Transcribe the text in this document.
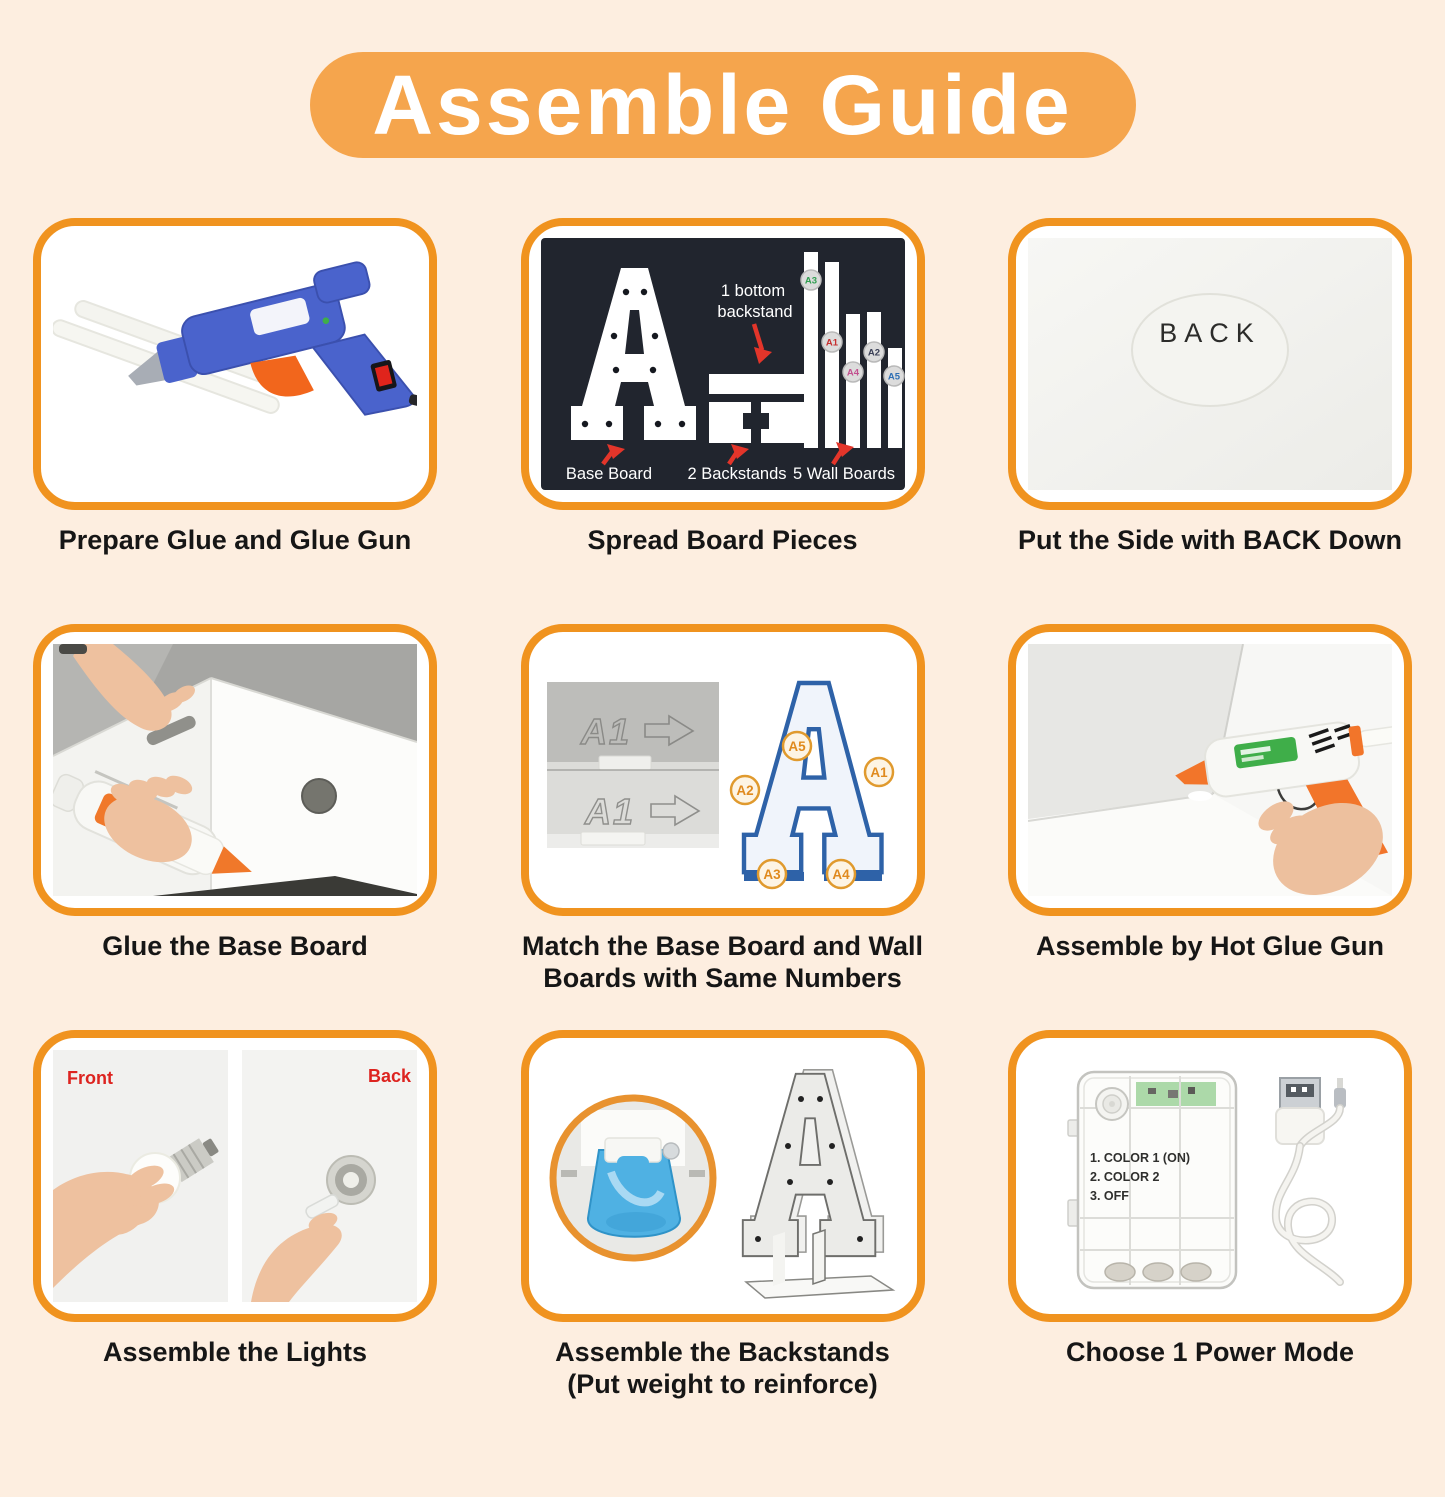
Assemble Guide
Prepare Glue and Glue Gun
A3
A1
A4
A2
A5
1 bottom
backstand
Base Board 2 Backstands 5 Wall Boards
Spread Board Pieces
BACK
Put the Side with BACK Down
Glue the Base Board
A1
A1
A5
A1
A2
A3	A4
Match the Base Board and Wall
Boards with Same Numbers
Assemble by Hot Glue Gun
Front	Back
Assemble the Lights	Assemble the Backstands
(Put weight to reinforce)
1. COLOR 1 (ON)
2. COLOR 2
3. OFF
Choose 1 Power Mode
